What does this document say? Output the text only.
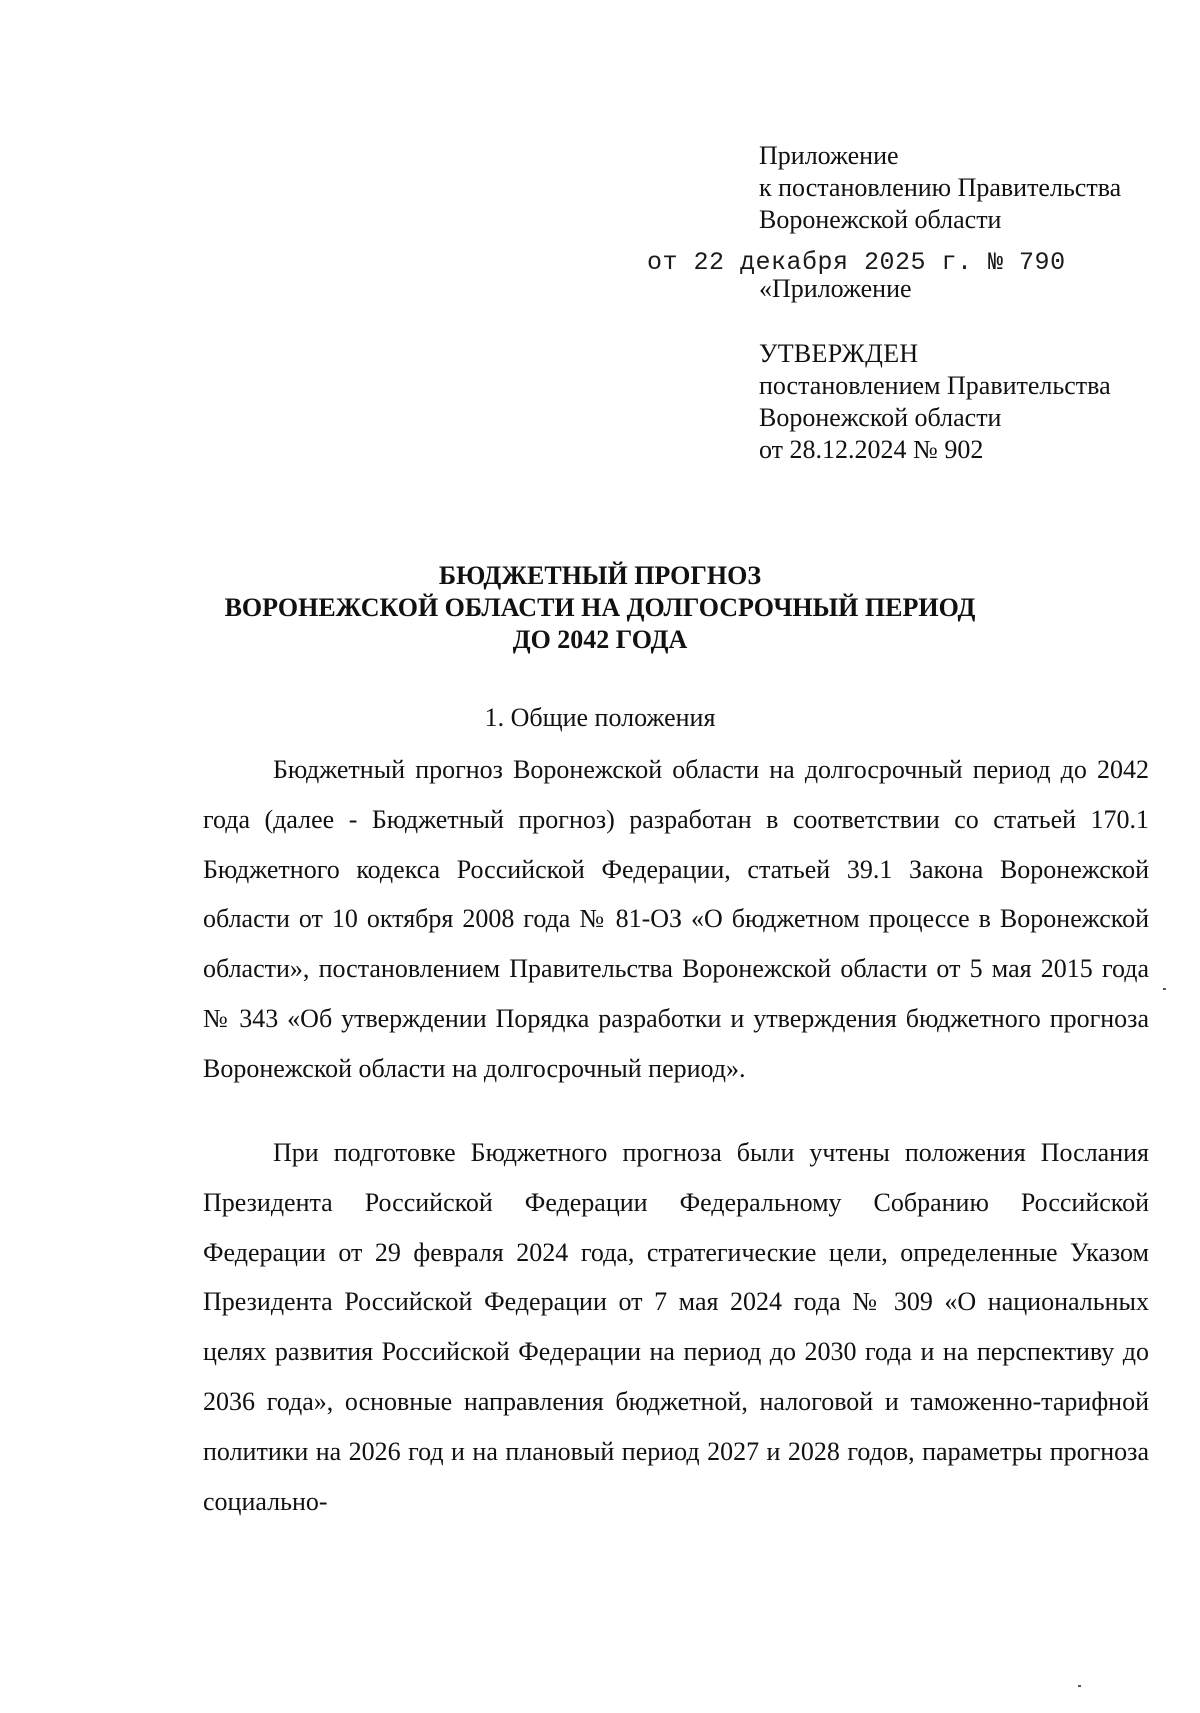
Приложение
к постановлению Правительства
Воронежской области
от 22 декабря 2025 г. № 790
«Приложение
УТВЕРЖДЕН
постановлением Правительства
Воронежской области
от 28.12.2024 № 902
БЮДЖЕТНЫЙ ПРОГНОЗ
ВОРОНЕЖСКОЙ ОБЛАСТИ НА ДОЛГОСРОЧНЫЙ ПЕРИОД
ДО 2042 ГОДА
1. Общие положения

Бюджетный прогноз Воронежской области на долгосрочный период до 2042 года (далее - Бюджетный прогноз) разработан в соответствии со статьей 170.1 Бюджетного кодекса Российской Федерации, статьей 39.1 Закона Воронежской области от 10 октября 2008 года № 81-ОЗ «О бюджетном процессе в Воронежской области», постановлением Правительства Воронежской области от 5 мая 2015 года № 343 «Об утверждении Порядка разработки и утверждения бюджетного прогноза Воронежской области на долгосрочный период».

При подготовке Бюджетного прогноза были учтены положения Послания Президента Российской Федерации Федеральному Собранию Российской Федерации от 29 февраля 2024 года, стратегические цели, определенные Указом Президента Российской Федерации от 7 мая 2024 года № 309 «О национальных целях развития Российской Федерации на период до 2030 года и на перспективу до 2036 года», основные направления бюджетной, налоговой и таможенно-тарифной политики на 2026 год и на плановый период 2027 и 2028 годов, параметры прогноза социально-
